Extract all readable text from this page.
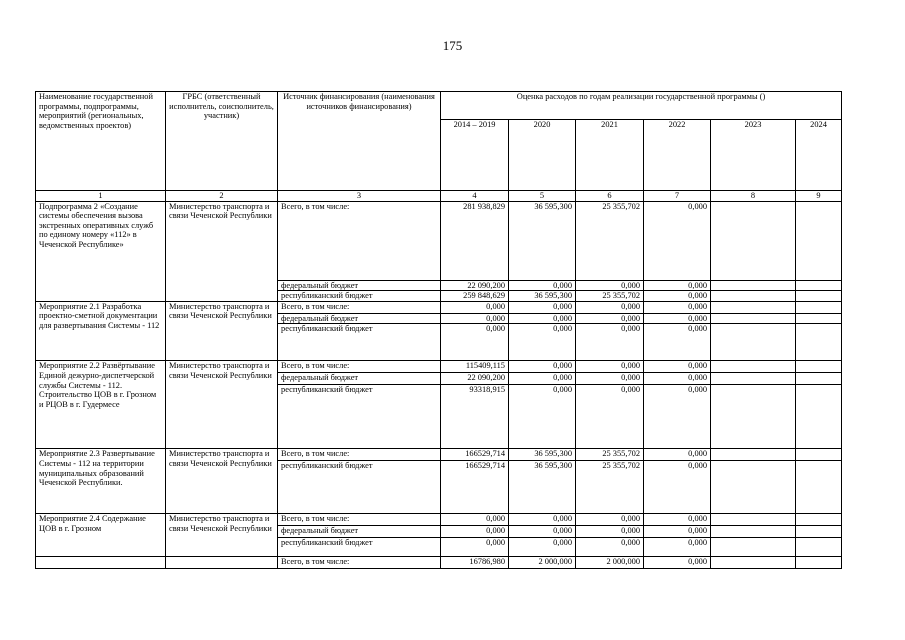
175
Наименование государственной программы, подпрограммы, мероприятий (региональных, ведомственных проектов)	ГРБС (ответственный исполнитель, соисполнитель, участник)	Источник финансирования (наименования источников финансирования)	Оценка расходов по годам реализации государственной программы ()					
			2014 – 2019	2020	2021	2022	2023	2024
1	2	3	4	5	6	7	8	9
Подпрограмма 2 «Создание системы обеспечения вызова экстренных оперативных служб по единому номеру «112» в Чеченской Республике»	Министерство транспорта и связи Чеченской Республики	Всего, в том числе:	281 938,829	36 595,300	25 355,702	0,000		
		федеральный бюджет	22 090,200	0,000	0,000	0,000		
		республиканский бюджет	259 848,629	36 595,300	25 355,702	0,000		
Мероприятие 2.1 Разработка проектно-сметной документации для развертывания Системы - 112	Министерство транспорта и связи Чеченской Республики	Всего, в том числе:	0,000	0,000	0,000	0,000		
		федеральный бюджет	0,000	0,000	0,000	0,000		
		республиканский бюджет	0,000	0,000	0,000	0,000		
Мероприятие 2.2 Развёртывание Единой дежурно-диспетчерской службы Системы - 112. Строительство ЦОВ в г. Грозном и РЦОВ в г. Гудермесе	Министерство транспорта и связи Чеченской Республики	Всего, в том числе:	115409,115	0,000	0,000	0,000		
		федеральный бюджет	22 090,200	0,000	0,000	0,000		
		республиканский бюджет	93318,915	0,000	0,000	0,000		
Мероприятие 2.3 Развертывание Системы - 112 на территории муниципальных образований Чеченской Республики.	Министерство транспорта и связи Чеченской Республики	Всего, в том числе:	166529,714	36 595,300	25 355,702	0,000		
		республиканский бюджет	166529,714	36 595,300	25 355,702	0,000		
Мероприятие 2.4 Содержание ЦОВ в г. Грозном	Министерство транспорта и связи Чеченской Республики	Всего, в том числе:	0,000	0,000	0,000	0,000		
		федеральный бюджет	0,000	0,000	0,000	0,000		
		республиканский бюджет	0,000	0,000	0,000	0,000		
		Всего, в том числе:	16786,980	2 000,000	2 000,000	0,000		
